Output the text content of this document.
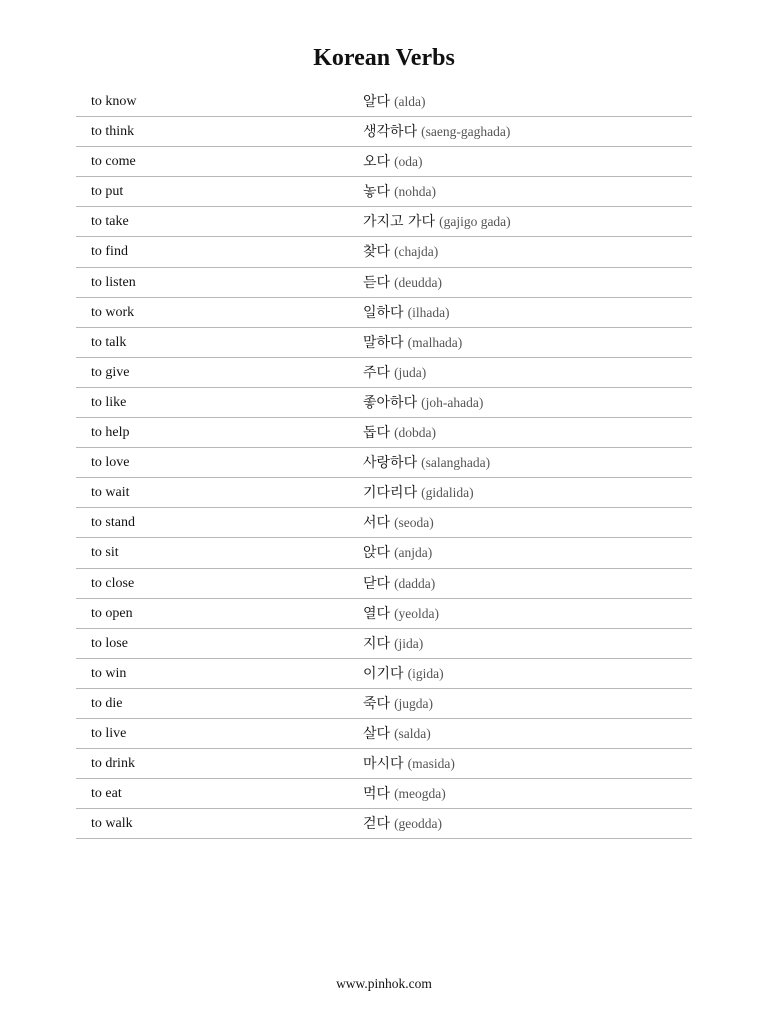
Korean Verbs
to know	알다 (alda)
to think	생각하다 (saeng-gaghada)
to come	오다 (oda)
to put	놓다 (nohda)
to take	가지고 가다 (gajigo gada)
to find	찾다 (chajda)
to listen	듣다 (deudda)
to work	일하다 (ilhada)
to talk	말하다 (malhada)
to give	주다 (juda)
to like	좋아하다 (joh-ahada)
to help	돕다 (dobda)
to love	사랑하다 (salanghada)
to wait	기다리다 (gidalida)
to stand	서다 (seoda)
to sit	앉다 (anjda)
to close	닫다 (dadda)
to open	열다 (yeolda)
to lose	지다 (jida)
to win	이기다 (igida)
to die	죽다 (jugda)
to live	살다 (salda)
to drink	마시다 (masida)
to eat	먹다 (meogda)
to walk	걷다 (geodda)
www.pinhok.com
